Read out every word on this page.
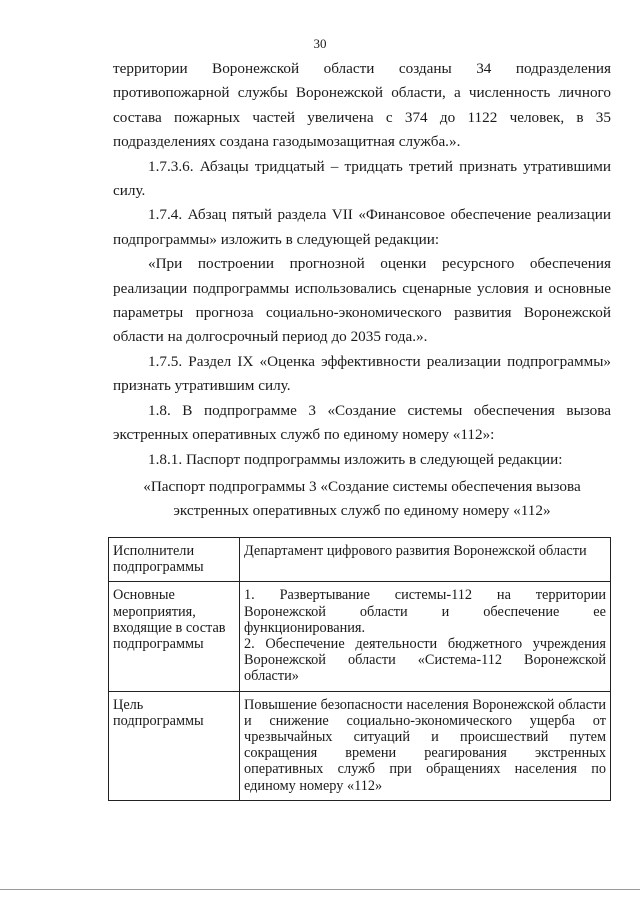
30

территории Воронежской области созданы 34 подразделения противопожарной службы Воронежской области, а численность личного состава пожарных частей увеличена с 374 до 1122 человек, в 35 подразделениях создана газодымозащитная служба.».

1.7.3.6. Абзацы тридцатый – тридцать третий признать утратившими силу.

1.7.4. Абзац пятый раздела VII «Финансовое обеспечение реализации подпрограммы» изложить в следующей редакции:

«При построении прогнозной оценки ресурсного обеспечения реализации подпрограммы использовались сценарные условия и основные параметры прогноза социально-экономического развития Воронежской области на долгосрочный период до 2035 года.».

1.7.5. Раздел IX «Оценка эффективности реализации подпрограммы» признать утратившим силу.

1.8. В подпрограмме 3 «Создание системы обеспечения вызова экстренных оперативных служб по единому номеру «112»:

1.8.1. Паспорт подпрограммы изложить в следующей редакции:

«Паспорт подпрограммы 3 «Создание системы обеспечения вызова

экстренных оперативных служб по единому номеру «112»

Исполнители подпрограммы	Департамент цифрового развития Воронежской области
Основные мероприятия, входящие в состав подпрограммы	1. Развертывание системы-112 на территории Воронежской области и обеспечение ее функционирования.
2. Обеспечение деятельности бюджетного учреждения Воронежской области «Система-112 Воронежской области»

Цель подпрограммы	Повышение безопасности населения Воронежской области и снижение социально-экономического ущерба от чрезвычайных ситуаций и происшествий путем сокращения времени реагирования экстренных оперативных служб при обращениях населения по единому номеру «112»
